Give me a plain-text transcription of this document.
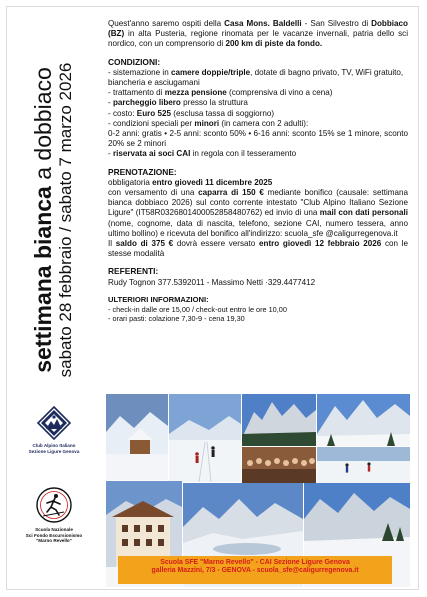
settimana bianca a dobbiaco sabato 28 febbraio / sabato 7 marzo 2026
Club Alpino Italiano
Sezione Ligure Genova
Scuola Nazionale
Sci Fondo Escursionismo
"Marno Revello"
Quest'anno saremo ospiti della Casa Mons. Baldelli - San Silvestro di Dobbiaco (BZ) in alta Pusteria, regione rinomata per le vacanze invernali, patria dello sci nordico, con un comprensorio di 200 km di piste da fondo.
CONDIZIONI:

- sistemazione in camere doppie/triple, dotate di bagno privato, TV, WiFi gratuito, biancheria e asciugamani

- trattamento di mezza pensione (comprensiva di vino a cena)

- parcheggio libero presso la struttura

- costo: Euro 525 (esclusa tassa di soggiorno)

- condizioni speciali per minori (in camera con 2 adulti):

0-2 anni: gratis • 2-5 anni: sconto 50% • 6-16 anni: sconto 15% se 1 minore, sconto 20% se 2 minori

- riservata ai soci CAI in regola con il tesseramento

PRENOTAZIONE:

obbligatoria entro giovedì 11 dicembre 2025

con versamento di una caparra di 150 € mediante bonifico (causale: settimana bianca dobbiaco 2026) sul conto corrente intestato "Club Alpino Italiano Sezione Ligure" (IT58R0326801400052858480762) ed invio di una mail con dati personali (nome, cognome, data di nascita, telefono, sezione CAI, numero tessera, anno ultimo bollino) e ricevuta del bonifico all'indirizzo: scuola_sfe @caligurregenova.it

Il saldo di 375 € dovrà essere versato entro giovedì 12 febbraio 2026 con le stesse modalità

REFERENTI:
Rudy Tognon 377.5392011 - Massimo Netti ·329.4477412
ULTERIORI INFORMAZIONI:
- check-in dalle ore 15,00 / check-out entro le ore 10,00
- orari pasti: colazione 7,30-9 - cena 19,30
Scuola SFE "Marno Revello" - CAI Sezione Ligure Genova
galleria Mazzini, 7/3 - GENOVA - scuola_sfe@caligurregenova.it
